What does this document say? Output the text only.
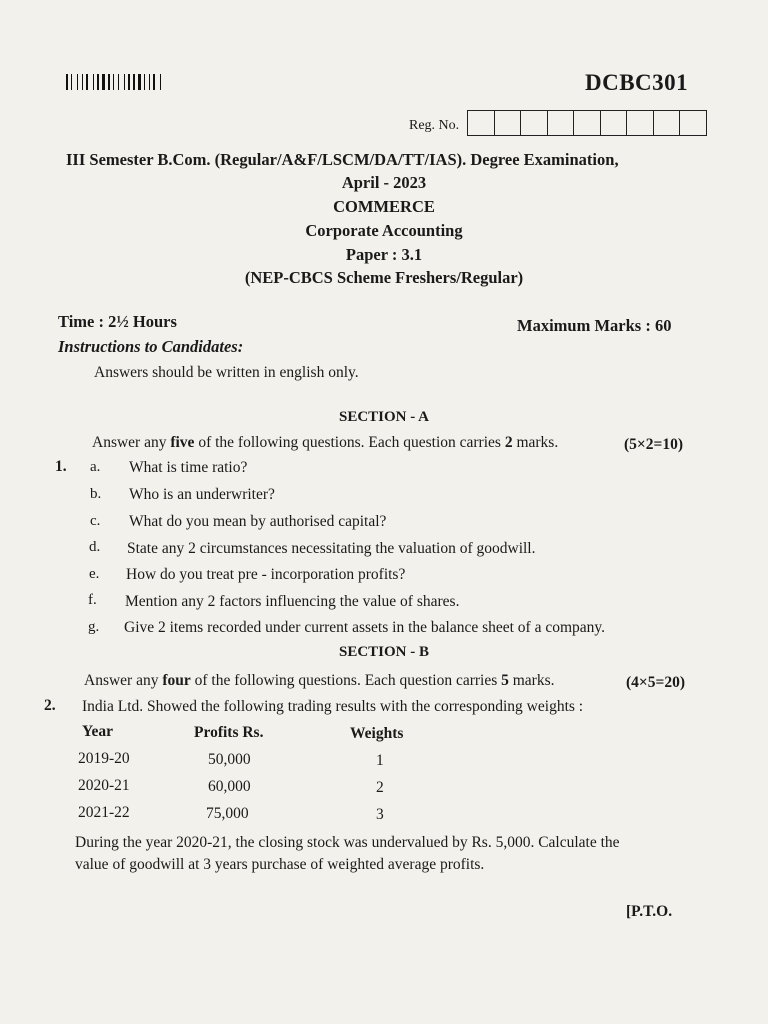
DCBC301
Reg. No.
III Semester B.Com. (Regular/A&F/LSCM/DA/TT/IAS). Degree Examination,
April - 2023
COMMERCE
Corporate Accounting
Paper : 3.1
(NEP-CBCS Scheme Freshers/Regular)
Time : 2½ Hours	Maximum Marks : 60
Instructions to Candidates:
Answers should be written in english only.
SECTION - A
Answer any five of the following questions. Each question carries 2 marks.	(5×2=10)
1. a. What is time ratio?
b. Who is an underwriter?
c. What do you mean by authorised capital?
d. State any 2 circumstances necessitating the valuation of goodwill.
e. How do you treat pre - incorporation profits?
f. Mention any 2 factors influencing the value of shares.
g. Give 2 items recorded under current assets in the balance sheet of a company.
SECTION - B
Answer any four of the following questions. Each question carries 5 marks.	(4×5=20)
2. India Ltd. Showed the following trading results with the corresponding weights :
Year	Profits Rs.	Weights
2019-20	50,000	1
2020-21	60,000	2
2021-22	75,000	3
During the year 2020-21, the closing stock was undervalued by Rs. 5,000. Calculate the
value of goodwill at 3 years purchase of weighted average profits.
[P.T.O.
